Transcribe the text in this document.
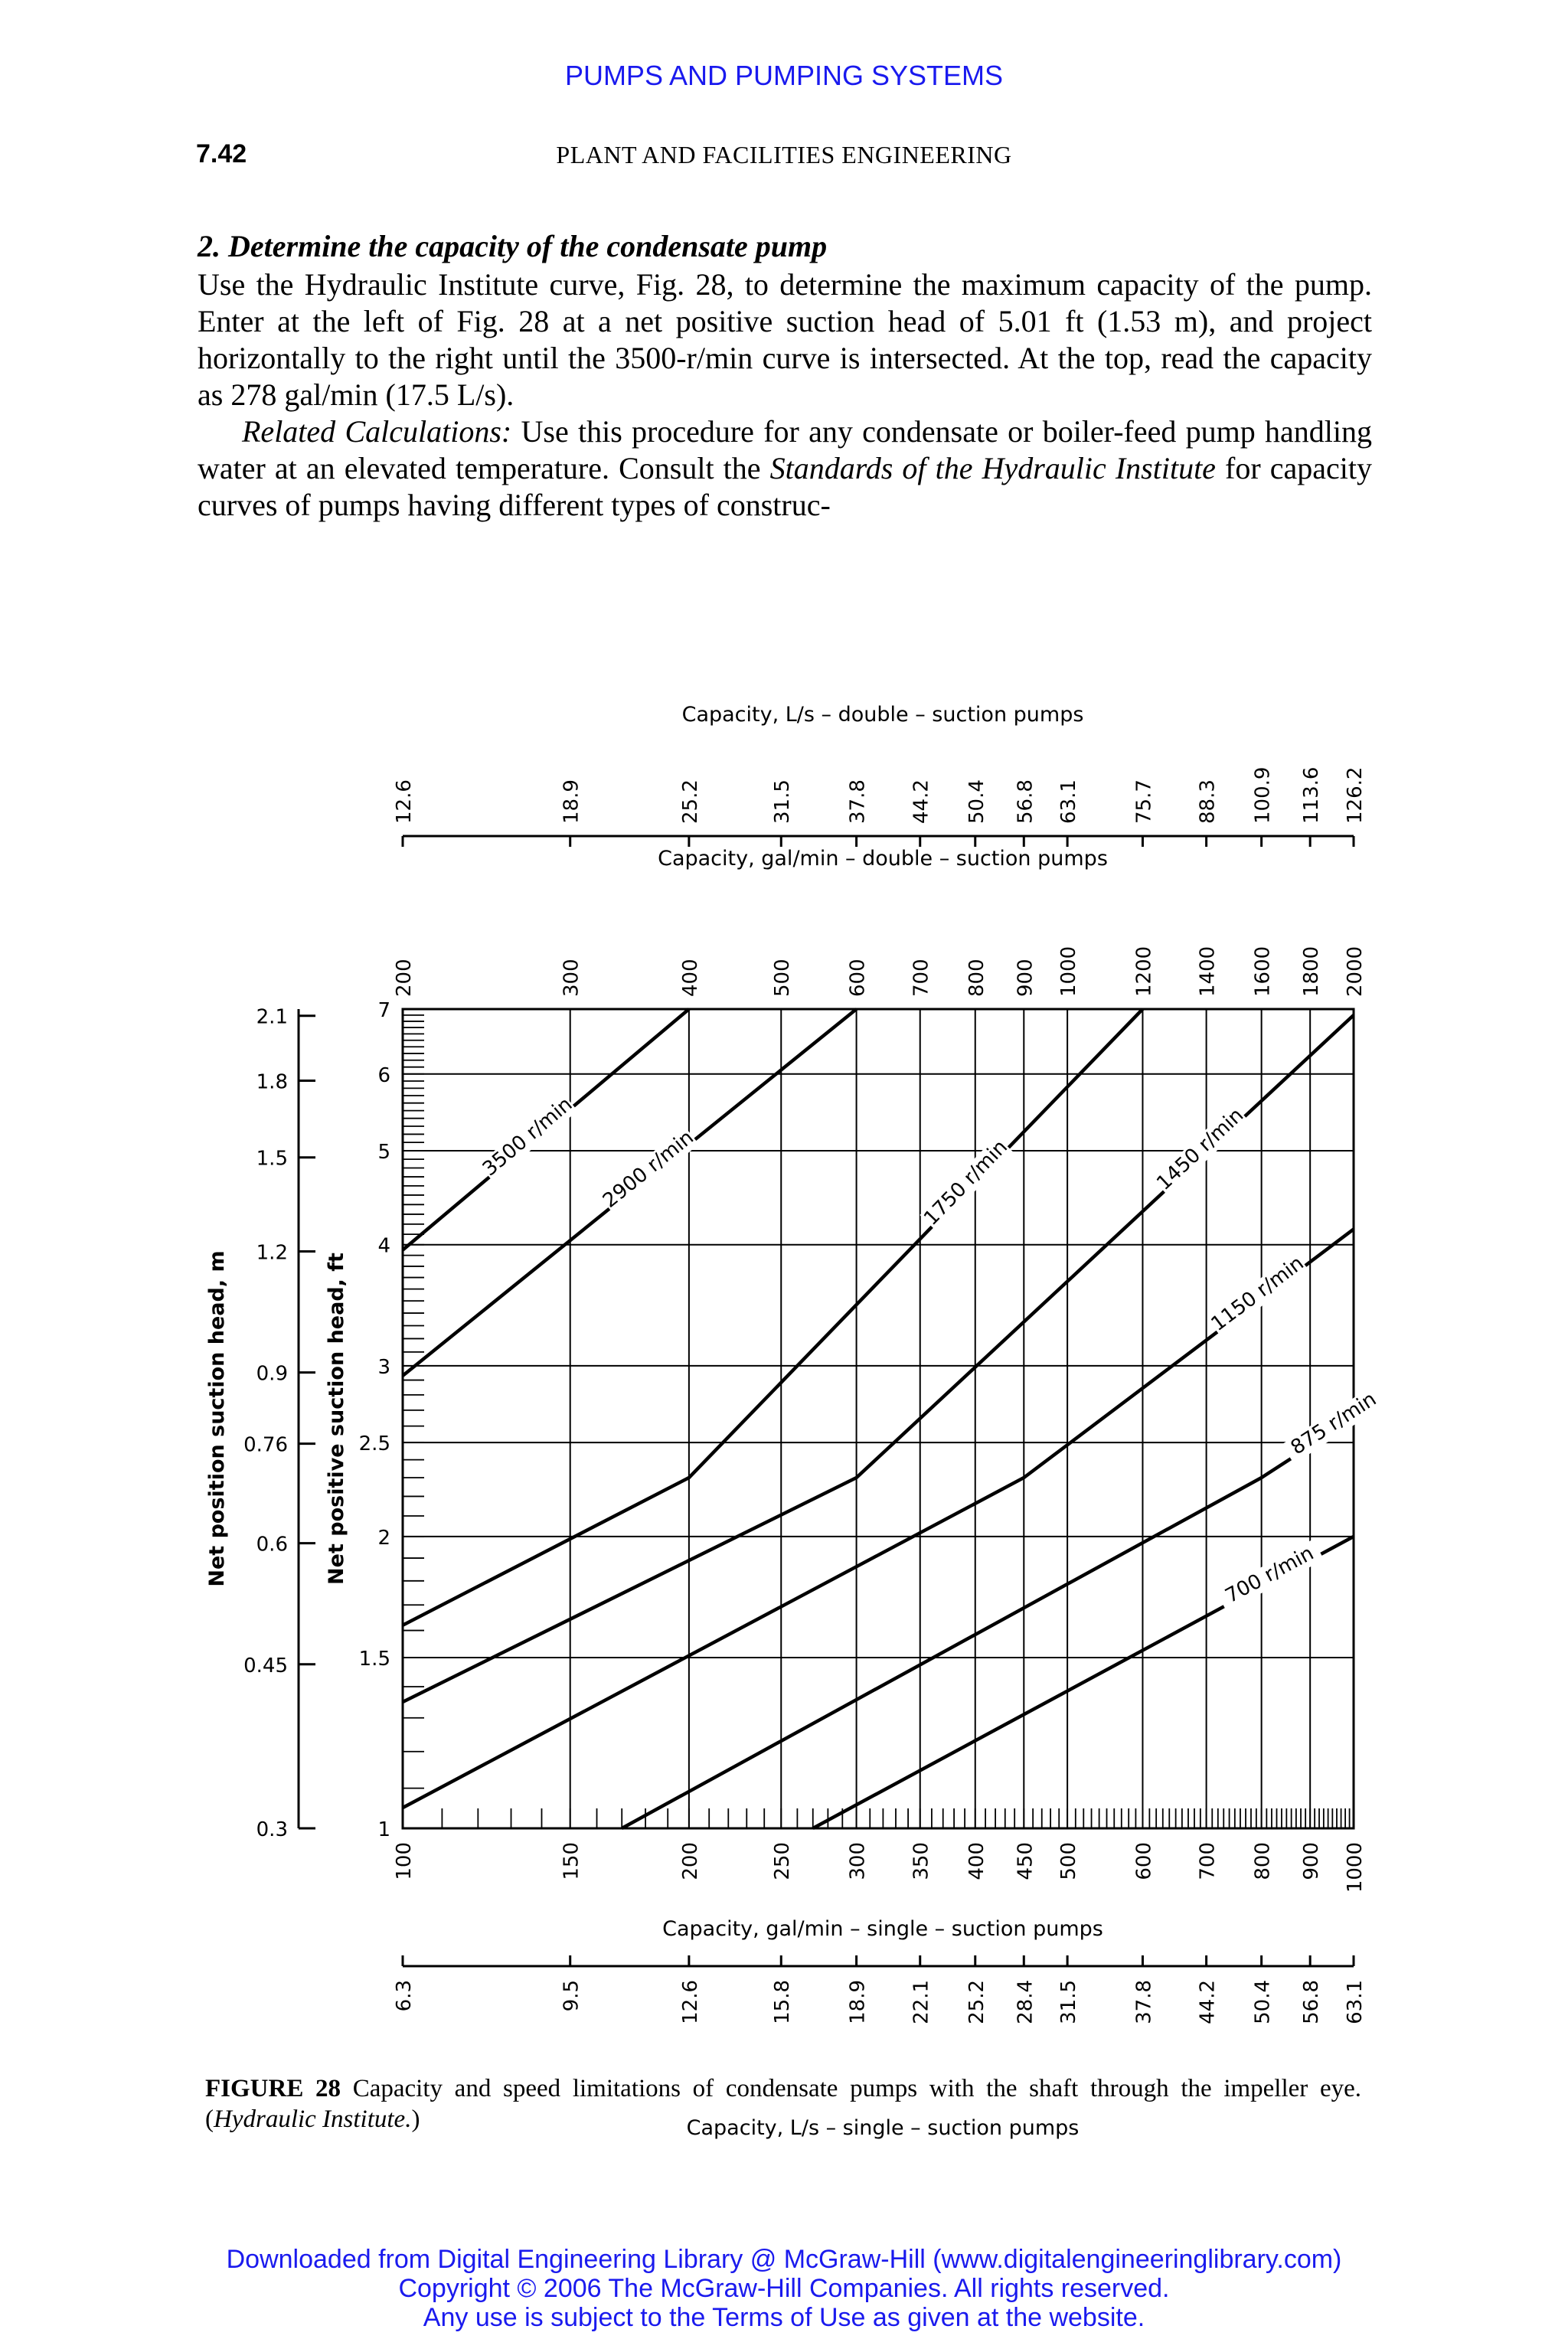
PUMPS AND PUMPING SYSTEMS
7.42	PLANT AND FACILITIES ENGINEERING
2. Determine the capacity of the condensate pump
Use the Hydraulic Institute curve, Fig. 28, to determine the maximum capacity of the pump. Enter at the left of Fig. 28 at a net positive suction head of 5.01 ft (1.53 m), and project horizontally to the right until the 3500-r/min curve is intersected. At the top, read the capacity as 278 gal/min (17.5 L/s).
Related Calculations: Use this procedure for any condensate or boiler-feed pump handling water at an elevated temperature. Consult the Standards of the Hydraulic Institute for capacity curves of pumps having different types of construc-
1
1.5
2
2.5
3
4
5
6
7
0.3
0.45
0.6
0.76
0.9
1.2
1.5
1.8
2.1
Net positive suction head, ft
Net position suction head, m
100	150	200	250	300 350 400 450 500	600 700 800 900 1000
Capacity, gal/min – single – suction pumps
6.3	9.5	12.6	15.8	18.9 22.1 25.2 28.4 31.5	37.8 44.2 50.4 56.8 63.1
Capacity, L/s – single – suction pumps
200	300	400	500	600 700 800 900 1000	1200 1400 1600 1800 2000
Capacity, gal/min – double – suction pumps
12.6	18.9	25.2	31.5	37.8 44.2 50.4 56.8 63.1	75.7 88.3 100.9 113.6 126.2
Capacity, L/s – double – suction pumps
3500 r/min 2900 r/min	1750 r/min	1450 r/min
1150 r/min
875 r/min
700 r/min
FIGURE 28 Capacity and speed limitations of condensate pumps with the shaft through the impeller eye. (Hydraulic Institute.)
Downloaded from Digital Engineering Library @ McGraw-Hill (www.digitalengineeringlibrary.com)
Copyright © 2006 The McGraw-Hill Companies. All rights reserved.
Any use is subject to the Terms of Use as given at the website.
